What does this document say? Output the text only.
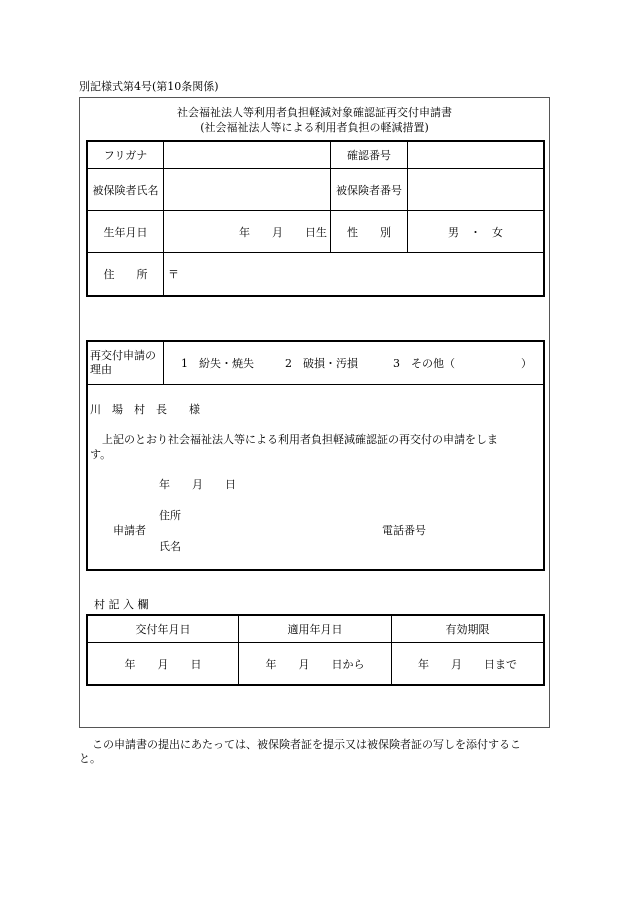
別記様式第4号(第10条関係)
社会福祉法人等利用者負担軽減対象確認証再交付申請書
(社会福祉法人等による利用者負担の軽減措置)
フリガナ	確認番号
被保険者氏名	被保険者番号
生年月日	年　　月　　日生	性　　別	男　・　女
住　　所	〒
再交付申請の
理由	1　紛失・焼失	2　破損・汚損	3　その他（　　　　　　）
川　場　村　長　　様
上記のとおり社会福祉法人等による利用者負担軽減確認証の再交付の申請をしま
す。
年　　月　　日
住所
申請者	電話番号
氏名
村 記 入 欄
交付年月日	適用年月日	有効期限
年　　月　　日	年　　月　　日から	年　　月　　日まで
この申請書の提出にあたっては、被保険者証を提示又は被保険者証の写しを添付するこ
と。
